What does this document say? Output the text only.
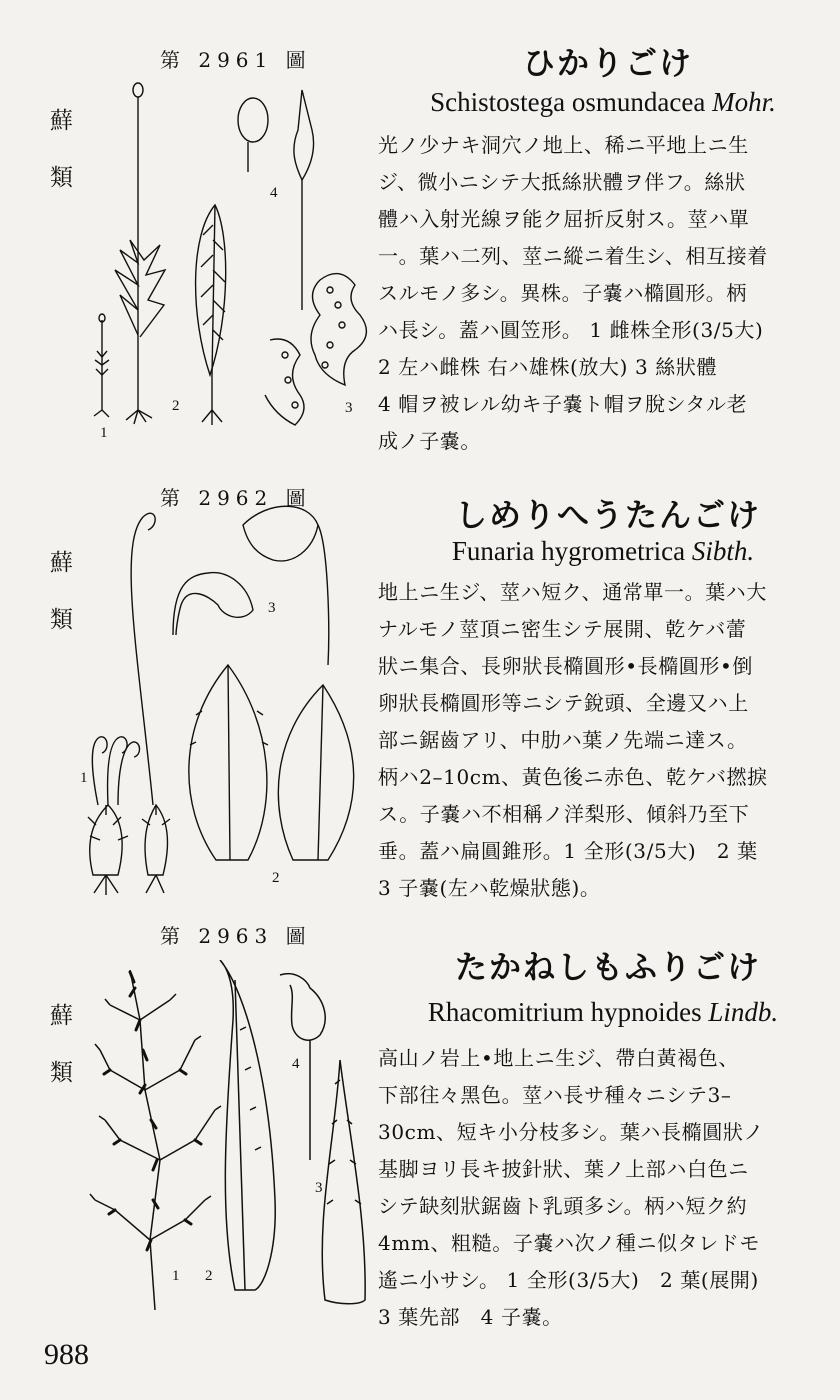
第 2961 圖
蘚
類
1
2	3
4
ひかりごけ
Schistostega osmundacea Mohr.
光ノ少ナキ洞穴ノ地上、稀ニ平地上ニ生
ジ、微小ニシテ大抵絲狀體ヲ伴フ。絲狀
體ハ入射光線ヲ能ク屈折反射ス。莖ハ單
一。葉ハ二列、莖ニ縱ニ着生シ、相互接着
スルモノ多シ。異株。子嚢ハ橢圓形。柄
ハ長シ。蓋ハ圓笠形。 1 雌株全形(3/5大)
2 左ハ雌株 右ハ雄株(放大) 3 絲狀體
4 帽ヲ被レル幼キ子嚢ト帽ヲ脫シタル老
成ノ子嚢。
第 2962 圖
蘚
類
1
2
3
しめりへうたんごけ
Funaria hygrometrica Sibth.
地上ニ生ジ、莖ハ短ク、通常單一。葉ハ大
ナルモノ莖頂ニ密生シテ展開、乾ケバ蕾
狀ニ集合、長卵狀長橢圓形•長橢圓形•倒
卵狀長橢圓形等ニシテ銳頭、全邊又ハ上
部ニ鋸齒アリ、中肋ハ葉ノ先端ニ達ス。
柄ハ2–10cm、黃色後ニ赤色、乾ケバ撚捩
ス。子嚢ハ不相稱ノ洋梨形、傾斜乃至下
垂。蓋ハ扁圓錐形。1 全形(3/5大)　2 葉
3 子嚢(左ハ乾燥狀態)。
第 2963 圖
蘚
類
1 2
3
4
たかねしもふりごけ
Rhacomitrium hypnoides Lindb.
高山ノ岩上•地上ニ生ジ、帶白黃褐色、
下部往々黑色。莖ハ長サ種々ニシテ3–
30cm、短キ小分枝多シ。葉ハ長橢圓狀ノ
基脚ヨリ長キ披針狀、葉ノ上部ハ白色ニ
シテ缺刻狀鋸齒ト乳頭多シ。柄ハ短ク約
4mm、粗糙。子嚢ハ次ノ種ニ似タレドモ
遙ニ小サシ。 1 全形(3/5大)　2 葉(展開)
3 葉先部　4 子嚢。
988
